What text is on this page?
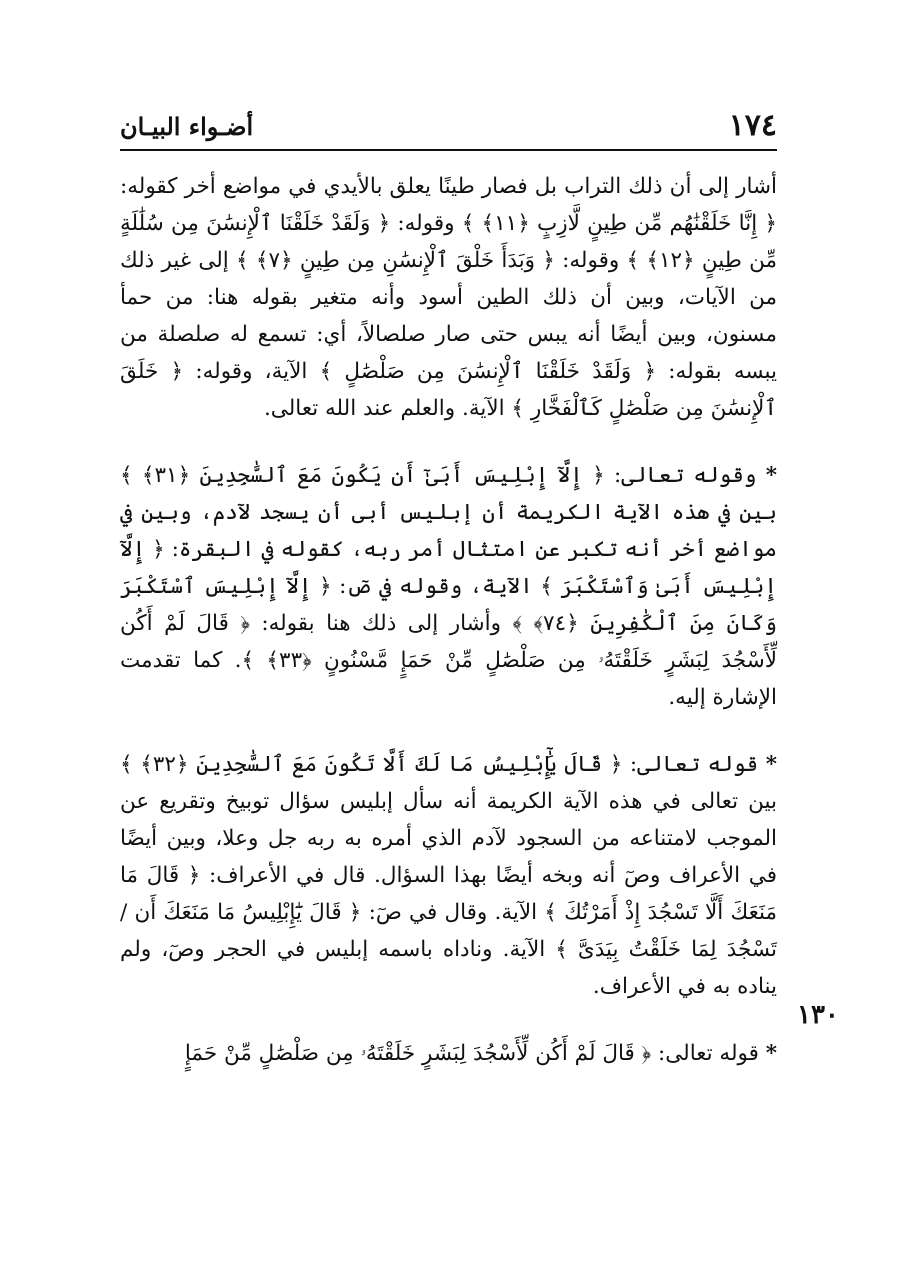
١٧٤
أضـواء البيـان
١٣٠

أشار إلى أن ذلك التراب بل فصار طينًا يعلق بالأيدي في مواضع أخر كقوله: ﴿ إِنَّا خَلَقْنَٰهُم مِّن طِينٍ لَّازِبٍ ﴿١١﴾ ﴾ وقوله: ﴿ وَلَقَدْ خَلَقْنَا ٱلْإِنسَٰنَ مِن سُلَٰلَةٍ مِّن طِينٍ ﴿١٢﴾ ﴾ وقوله: ﴿ وَبَدَأَ خَلْقَ ٱلْإِنسَٰنِ مِن طِينٍ ﴿٧﴾ ﴾ إلى غير ذلك من الآيات، وبين أن ذلك الطين أسود وأنه متغير بقوله هنا: من حمأ مسنون، وبين أيضًا أنه يبس حتى صار صلصالاً، أي: تسمع له صلصلة من يبسه بقوله: ﴿ وَلَقَدْ خَلَقْنَا ٱلْإِنسَٰنَ مِن صَلْصَٰلٍ ﴾ الآية، وقوله: ﴿ خَلَقَ ٱلْإِنسَٰنَ مِن صَلْصَٰلٍ كَٱلْفَخَّارِ ﴾ الآية. والعلم عند الله تعالى.

* وقوله تعالى: ﴿ إِلَّآ إِبْلِيسَ أَبَىٰٓ أَن يَكُونَ مَعَ ٱلسَّٰجِدِينَ ﴿٣١﴾ ﴾ بين في هذه الآية الكريمة أن إبليس أبى أن يسجد لآدم، وبين في مواضع أخر أنه تكبر عن امتثال أمر ربه، كقوله في البقرة: ﴿ إِلَّآ إِبْلِيسَ أَبَىٰ وَٱسْتَكْبَرَ ﴾ الآية، وقوله في صٓ: ﴿ إِلَّآ إِبْلِيسَ ٱسْتَكْبَرَ وَكَانَ مِنَ ٱلْكَٰفِرِينَ ﴿٧٤﴾ ﴾ وأشار إلى ذلك هنا بقوله: ﴿ قَالَ لَمْ أَكُن لِّأَسْجُدَ لِبَشَرٍ خَلَقْتَهُۥ مِن صَلْصَٰلٍ مِّنْ حَمَإٍ مَّسْنُونٍ ﴿٣٣﴾ ﴾. كما تقدمت الإشارة إليه.

* قوله تعالى: ﴿ قَالَ يَٰٓإِبْلِيسُ مَا لَكَ أَلَّا تَكُونَ مَعَ ٱلسَّٰجِدِينَ ﴿٣٢﴾ ﴾ بين تعالى في هذه الآية الكريمة أنه سأل إبليس سؤال توبيخ وتقريع عن الموجب لامتناعه من السجود لآدم الذي أمره به ربه جل وعلا، وبين أيضًا في الأعراف وصٓ أنه وبخه أيضًا بهذا السؤال. قال في الأعراف: ﴿ قَالَ مَا مَنَعَكَ أَلَّا تَسْجُدَ إِذْ أَمَرْتُكَ ﴾ الآية. وقال في صٓ: ﴿ قَالَ يَٰٓإِبْلِيسُ مَا مَنَعَكَ أَن / تَسْجُدَ لِمَا خَلَقْتُ بِيَدَىَّ ﴾ الآية. وناداه باسمه إبليس في الحجر وصٓ، ولم يناده به في الأعراف.

* قوله تعالى: ﴿ قَالَ لَمْ أَكُن لِّأَسْجُدَ لِبَشَرٍ خَلَقْتَهُۥ مِن صَلْصَٰلٍ مِّنْ حَمَإٍ
